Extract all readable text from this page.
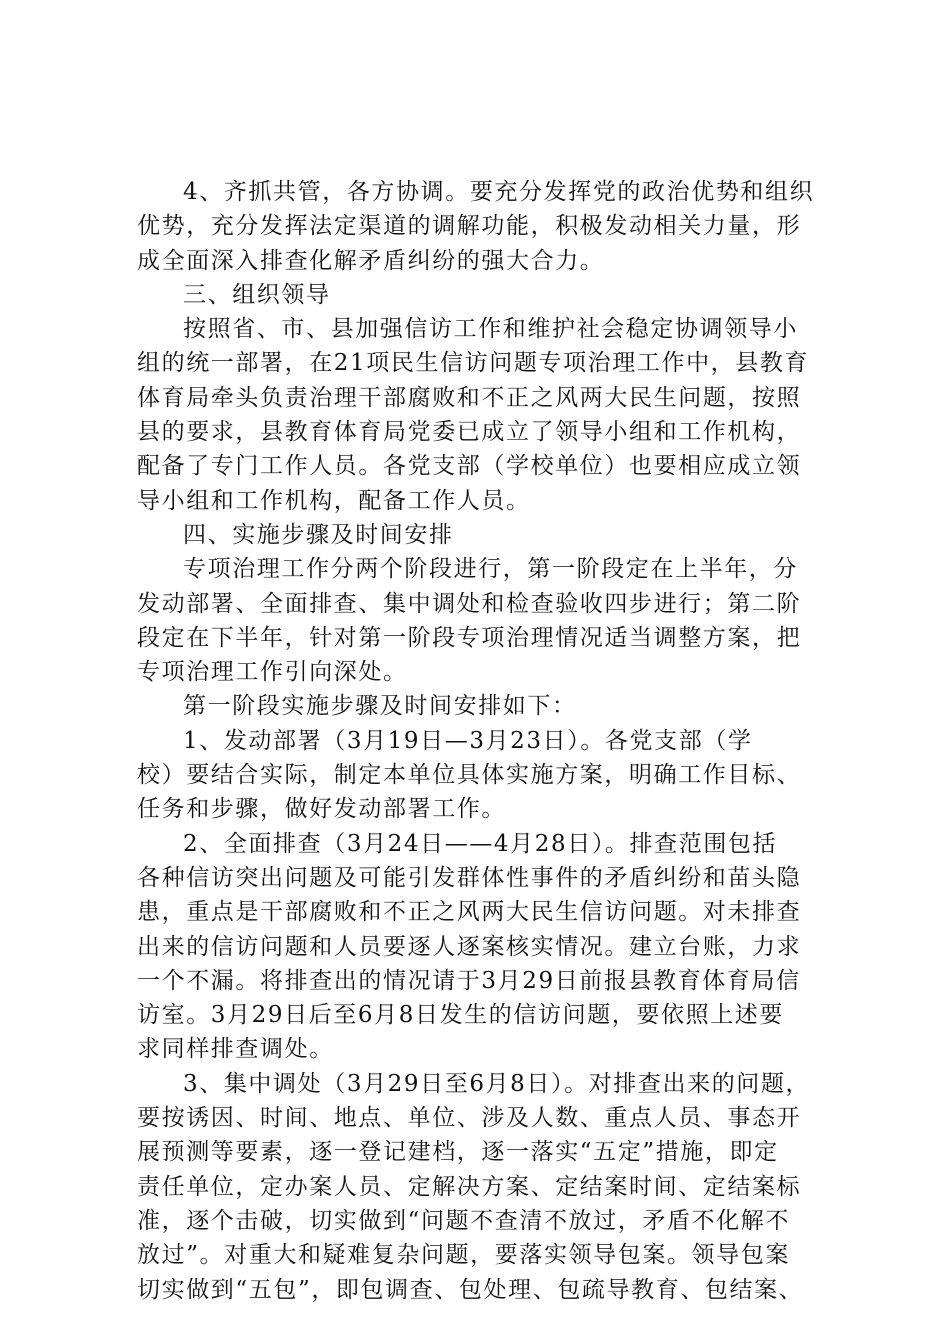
4、齐抓共管，各方协调。要充分发挥党的政治优势和组织
优势，充分发挥法定渠道的调解功能，积极发动相关力量，形
成全面深入排查化解矛盾纠纷的强大合力。
三、组织领导
按照省、市、县加强信访工作和维护社会稳定协调领导小
组的统一部署，在21项民生信访问题专项治理工作中，县教育
体育局牵头负责治理干部腐败和不正之风两大民生问题，按照
县的要求，县教育体育局党委已成立了领导小组和工作机构，
配备了专门工作人员。各党支部（学校单位）也要相应成立领
导小组和工作机构，配备工作人员。
四、实施步骤及时间安排
专项治理工作分两个阶段进行，第一阶段定在上半年，分
发动部署、全面排查、集中调处和检查验收四步进行；第二阶
段定在下半年，针对第一阶段专项治理情况适当调整方案，把
专项治理工作引向深处。
第一阶段实施步骤及时间安排如下：
1、发动部署（3月19日—3月23日）。各党支部（学
校）要结合实际，制定本单位具体实施方案，明确工作目标、
任务和步骤，做好发动部署工作。
2、全面排查（3月24日——4月28日）。排查范围包括
各种信访突出问题及可能引发群体性事件的矛盾纠纷和苗头隐
患，重点是干部腐败和不正之风两大民生信访问题。对未排查
出来的信访问题和人员要逐人逐案核实情况。建立台账，力求
一个不漏。将排查出的情况请于3月29日前报县教育体育局信
访室。3月29日后至6月8日发生的信访问题，要依照上述要
求同样排查调处。
3、集中调处（3月29日至6月8日）。对排查出来的问题，
要按诱因、时间、地点、单位、涉及人数、重点人员、事态开
展预测等要素，逐一登记建档，逐一落实“五定”措施，即定
责任单位，定办案人员、定解决方案、定结案时间、定结案标
准，逐个击破，切实做到“问题不查清不放过，矛盾不化解不
放过”。对重大和疑难复杂问题，要落实领导包案。领导包案
切实做到“五包”，即包调查、包处理、包疏导教育、包结案、
